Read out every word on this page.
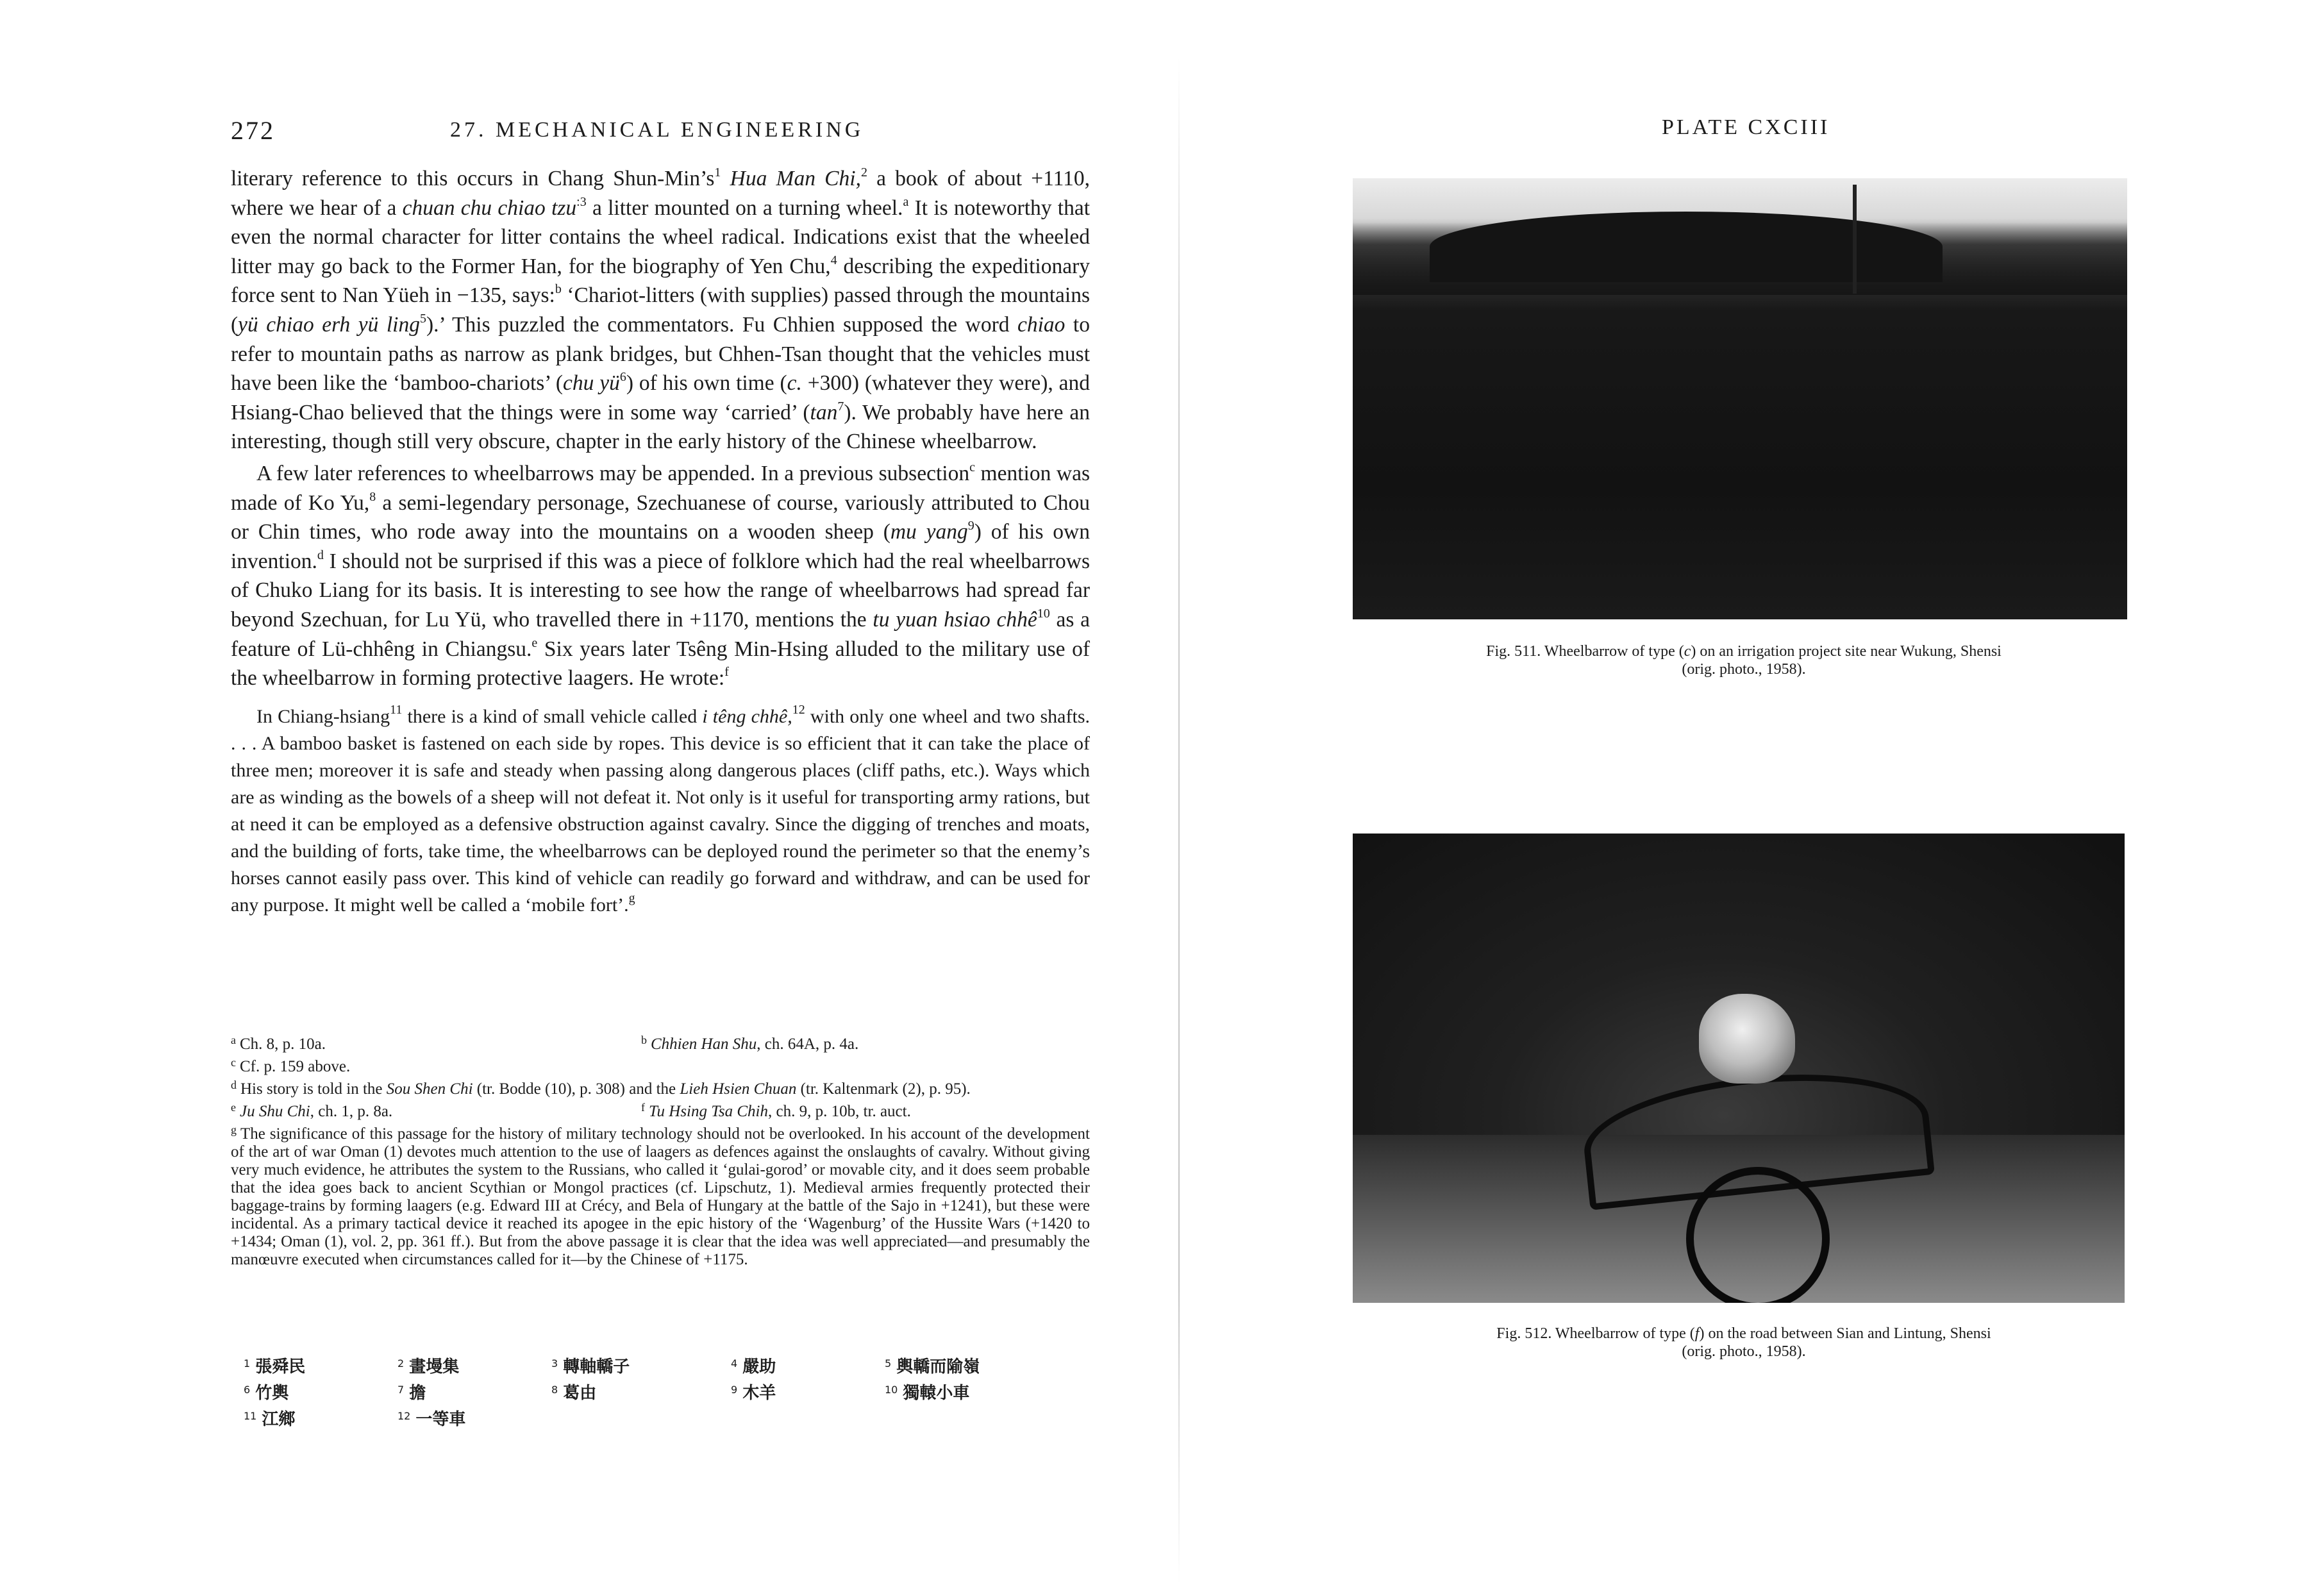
272	27. MECHANICAL ENGINEERING

literary reference to this occurs in Chang Shun-$Min’s^1$ Hua Man Chi,$^2$ a book of about +1110, where we hear of a chuan chu chiao tzu$^{:3}$ a litter mounted on a turning wheel.$^a$ It is noteworthy that even the normal character for litter contains the wheel radical. Indications exist that the wheeled litter may go back to the Former Han, for the biography of Yen Chu,$^4$ describing the expeditionary force sent to Nan Yüeh in −135, says:$^b$ ‘Chariot-litters (with supplies) passed through the mountains (yü chiao erh yü ling$^5$).’ This puzzled the commentators. Fu Chhien supposed the word chiao to refer to mountain paths as narrow as plank bridges, but Chhen-Tsan thought that the vehicles must have been like the ‘bamboo-chariots’ (chu $yü^6$) of his own time (c. +300) (whatever they were), and Hsiang-Chao believed that the things were in some way ‘carried’ $(\tan^7)$. We probably have here an interesting, though still very obscure, chapter in the early history of the Chinese wheelbarrow.

A few later references to wheelbarrows may be appended. In a previous subsection$^c$ mention was made of Ko Yu,$^8$ a semi-legendary personage, Szechuanese of course, variously attributed to Chou or Chin times, who rode away into the mountains on a wooden sheep (mu yang$^9$) of his own invention.$^d$ I should not be surprised if this was a piece of folklore which had the real wheelbarrows of Chuko Liang for its basis. It is interesting to see how the range of wheelbarrows had spread far beyond Szechuan, for Lu Yü, who travelled there in +1170, mentions the tu yuan hsiao chhê$^{10}$ as a feature of Lü-chhêng in Chiangsu.$^e$ Six years later Tsêng Min-Hsing alluded to the military use of the wheelbarrow in forming protective laagers. He wrote:$^f$

In Chiang-hsiang$^{11}$ there is a kind of small vehicle called i têng chhê,$^{12}$ with only one wheel and two shafts. . . . A bamboo basket is fastened on each side by ropes. This device is so efficient that it can take the place of three men; moreover it is safe and steady when passing along dangerous places (cliff paths, etc.). Ways which are as winding as the bowels of a sheep will not defeat it. Not only is it useful for transporting army rations, but at need it can be employed as a defensive obstruction against cavalry. Since the digging of trenches and moats, and the building of forts, take time, the wheelbarrows can be deployed round the perimeter so that the enemy’s horses cannot easily pass over. This kind of vehicle can readily go forward and withdraw, and can be used for any purpose. It might well be called a ‘mobile fort’.$^g$
$^a$ Ch. 8, p. 10a.	$^b$ Chhien Han Shu, ch. 64A, p. 4a.

$^c$ Cf. p. 159 above.

$^d$ His story is told in the Sou Shen Chi (tr. Bodde (10), p. 308) and the Lieh Hsien Chuan (tr. Kaltenmark (2), p. 95).

$^e$ Ju Shu Chi, ch. 1, p. 8a.	$^f$ Tu Hsing Tsa Chih, ch. 9, p. 10b, tr. auct.

$^g$ The significance of this passage for the history of military technology should not be overlooked. In his account of the development of the art of war Oman (1) devotes much attention to the use of laagers as defences against the onslaughts of cavalry. Without giving very much evidence, he attributes the system to the Russians, who called it ‘gulai-gorod’ or movable city, and it does seem probable that the idea goes back to ancient Scythian or Mongol practices (cf. Lipschutz, 1). Medieval armies frequently protected their baggage-trains by forming laagers (e.g. Edward III at Crécy, and Bela of Hungary at the battle of the Sajo in +1241), but these were incidental. As a primary tactical device it reached its apogee in the epic history of the ‘Wagenburg’ of the Hussite Wars (+1420 to +1434; Oman (1), vol. 2, pp. 361 ff.). But from the above passage it is clear that the idea was well appreciated—and presumably the manœuvre executed when circumstances called for it—by the Chinese of +1175.

$^1$ 張舜民	$^2$ 畫墁集	$^3$ 轉軸轎子	$^4$ 嚴助	$^5$ 輿轎而隃嶺
$^6$ 竹輿	$^7$ 擔	$^8$ 葛由	$^9$ 木羊	$^{10}$ 獨轅小車
$^{11}$ 江鄉	$^{12}$ 一等車
PLATE CXCIII
Fig. 511. Wheelbarrow of type (c) on an irrigation project site near Wukung, Shensi
(orig. photo., 1958).
Fig. 512. Wheelbarrow of type (f) on the road between Sian and Lintung, Shensi
(orig. photo., 1958).
